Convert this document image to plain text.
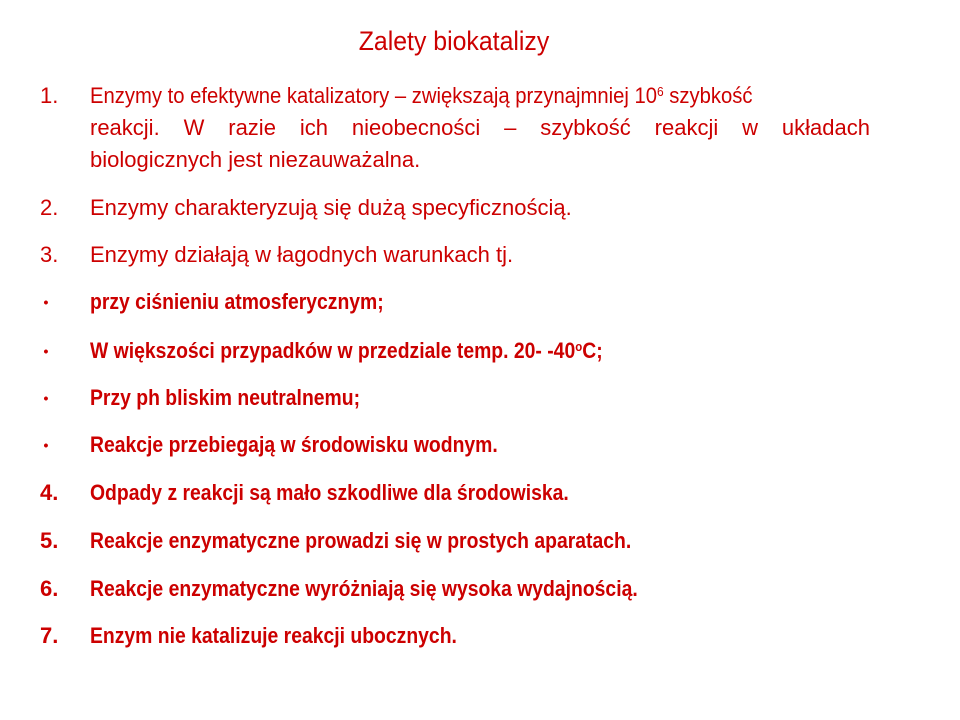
Zalety biokatalizy
1.	Enzymy to efektywne katalizatory – zwiększają przynajmniej $10^6$ szybkość
reakcji. W razie ich nieobecności – szybkość reakcji w układach
biologicznych jest niezauważalna.
2.	Enzymy charakteryzują się dużą specyficznością.
3.	Enzymy działają w łagodnych warunkach tj.
• przy ciśnieniu atmosferycznym;
• W większości przypadków w przedziale temp. 20- -40$^o$C;
• Przy ph bliskim neutralnemu;
• Reakcje przebiegają w środowisku wodnym.
4.	Odpady z reakcji są mało szkodliwe dla środowiska.
5.	Reakcje enzymatyczne prowadzi się w prostych aparatach.
6.	Reakcje enzymatyczne wyróżniają się wysoka wydajnością.
7.	Enzym nie katalizuje reakcji ubocznych.
